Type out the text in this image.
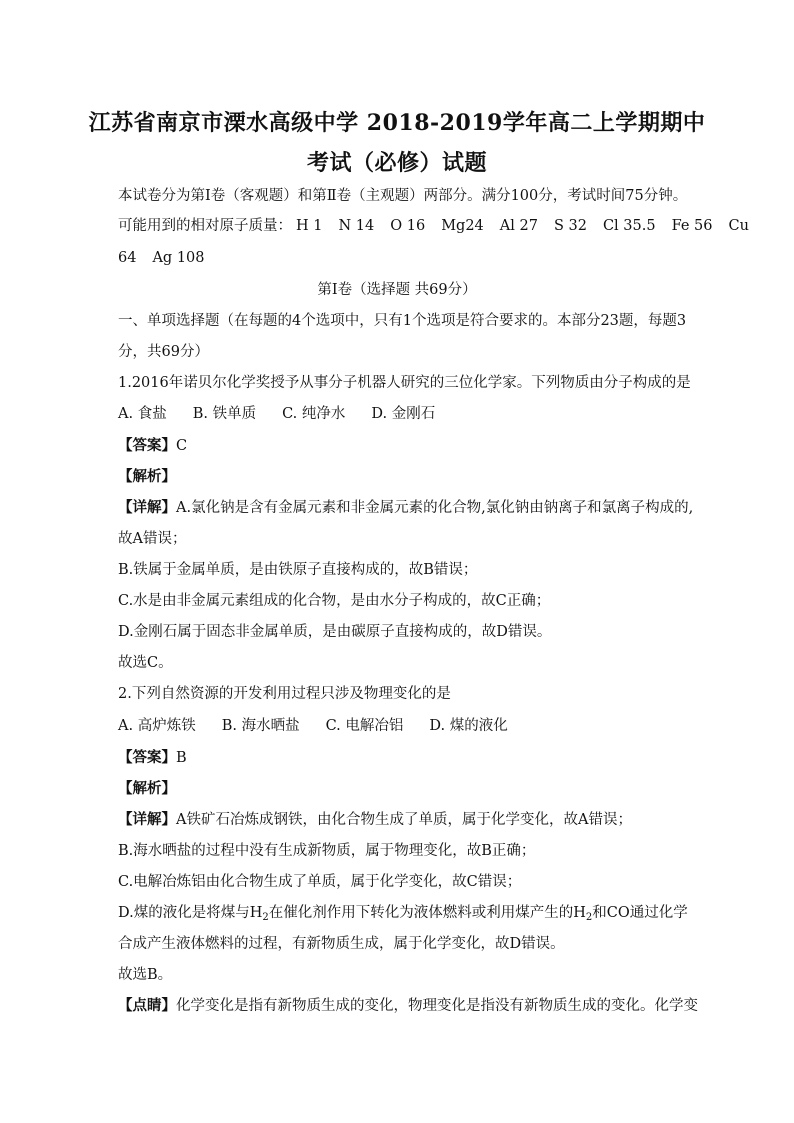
江苏省南京市溧水高级中学 2018-2019学年高二上学期期中
考试（必修）试题
本试卷分为第Ⅰ卷（客观题）和第Ⅱ卷（主观题）两部分。满分100分，考试时间75分钟。
可能用到的相对原子质量： H 1 N 14 O 16 Mg24 Al 27 S 32 Cl 35.5 Fe 56 Cu
64 Ag 108
第Ⅰ卷（选择题 共69分）
一、单项选择题（在每题的4个选项中，只有1个选项是符合要求的。本部分23题，每题3
分，共69分）
1.2016年诺贝尔化学奖授予从事分子机器人研究的三位化学家。下列物质由分子构成的是
A. 食盐 B. 铁单质 C. 纯净水 D. 金刚石
【答案】C
【解析】
【详解】A.氯化钠是含有金属元素和非金属元素的化合物,氯化钠由钠离子和氯离子构成的,
故A错误；
B.铁属于金属单质，是由铁原子直接构成的，故B错误；
C.水是由非金属元素组成的化合物，是由水分子构成的，故C正确；
D.金刚石属于固态非金属单质，是由碳原子直接构成的，故D错误。
故选C。
2.下列自然资源的开发利用过程只涉及物理变化的是
A. 高炉炼铁 B. 海水晒盐 C. 电解冶铝 D. 煤的液化
【答案】B
【解析】
【详解】A铁矿石冶炼成钢铁，由化合物生成了单质，属于化学变化，故A错误；
B.海水晒盐的过程中没有生成新物质，属于物理变化，故B正确；
C.电解冶炼铝由化合物生成了单质，属于化学变化，故C错误；
D.煤的液化是将煤与$H_2$在催化剂作用下转化为液体燃料或利用煤产生的$H_2$和CO通过化学
合成产生液体燃料的过程，有新物质生成，属于化学变化，故D错误。
故选B。
【点睛】化学变化是指有新物质生成的变化，物理变化是指没有新物质生成的变化。化学变
